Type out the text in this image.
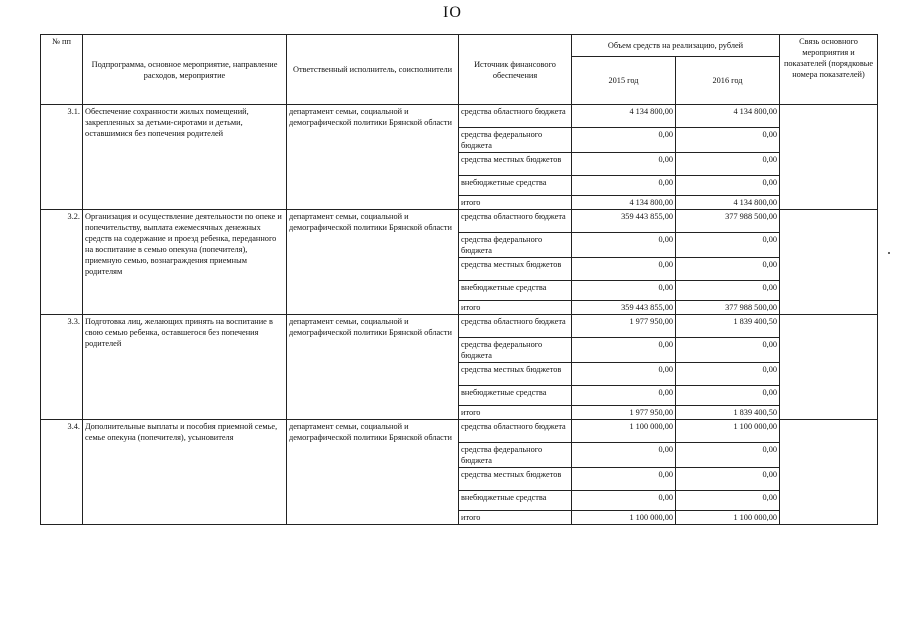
IO
№ пп	Подпрограмма, основное мероприятие, направление расходов, мероприятие	Ответственный исполнитель, соисполнители	Источник финансового обеспечения	Объем средств на реализацию, рублей		Связь основного мероприятия и показателей (порядковые номера показателей)
				2015 год	2016 год	
3.1.	Обеспечение сохранности жилых помещений, закрепленных за детьми-сиротами и детьми, оставшимися без попечения родителей	департамент семьи, социальной и демографической политики Брянской области	средства областного бюджета	4 134 800,00	4 134 800,00	
			средства федерального бюджета	0,00	0,00	
			средства местных бюджетов	0,00	0,00	
			внебюджетные средства	0,00	0,00	
			итого	4 134 800,00	4 134 800,00	
3.2.	Организация и осуществление деятельности по опеке и попечительству, выплата ежемесячных денежных средств на содержание и проезд ребенка, переданного на воспитание в семью опекуна (попечителя), приемную семью, вознаграждения приемным родителям	департамент семьи, социальной и демографической политики Брянской области	средства областного бюджета	359 443 855,00	377 988 500,00	
			средства федерального бюджета	0,00	0,00	
			средства местных бюджетов	0,00	0,00	
			внебюджетные средства	0,00	0,00	
			итого	359 443 855,00	377 988 500,00	
3.3.	Подготовка лиц, желающих принять на воспитание в свою семью ребенка, оставшегося без попечения родителей	департамент семьи, социальной и демографической политики Брянской области	средства областного бюджета	1 977 950,00	1 839 400,50	
			средства федерального бюджета	0,00	0,00	
			средства местных бюджетов	0,00	0,00	
			внебюджетные средства	0,00	0,00	
			итого	1 977 950,00	1 839 400,50	
3.4.	Дополнительные выплаты и пособия приемной семье, семье опекуна (попечителя), усыновителя	департамент семьи, социальной и демографической политики Брянской области	средства областного бюджета	1 100 000,00	1 100 000,00	
			средства федерального бюджета	0,00	0,00	
			средства местных бюджетов	0,00	0,00	
			внебюджетные средства	0,00	0,00	
			итого	1 100 000,00	1 100 000,00	
